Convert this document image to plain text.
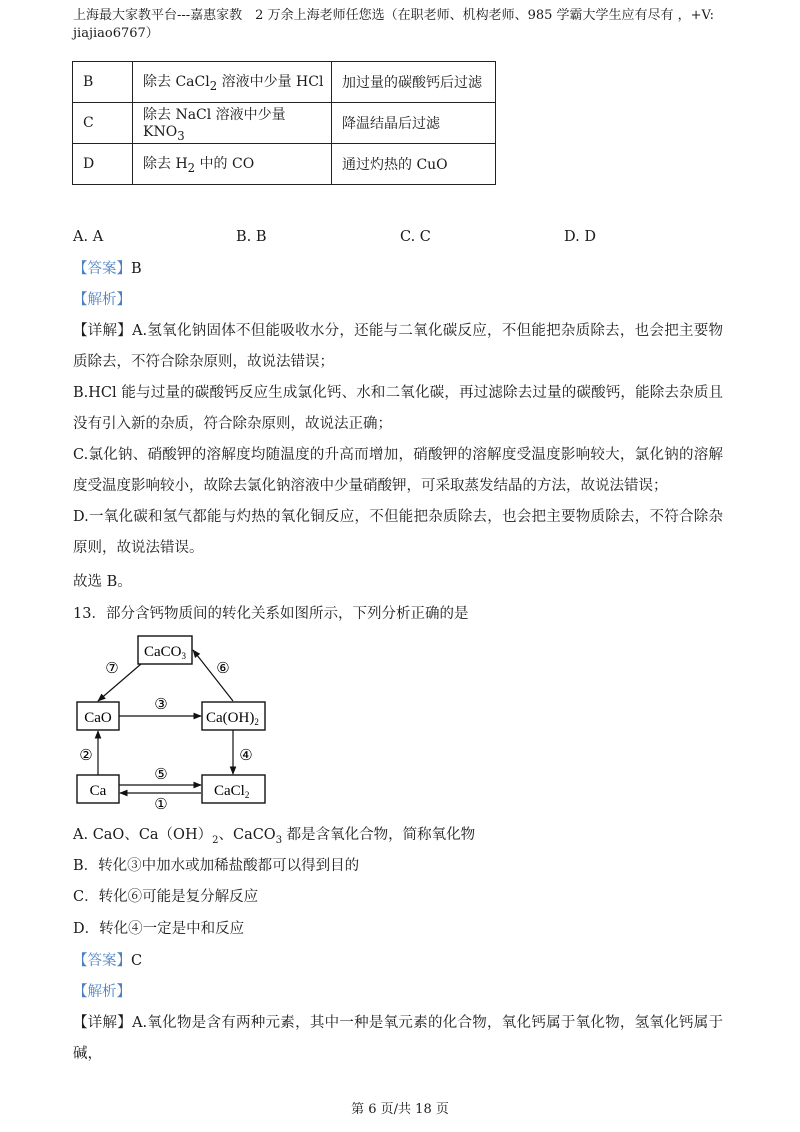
上海最大家教平台---嘉惠家教　2 万余上海老师任您选（在职老师、机构老师、985 学霸大学生应有尽有 ，+V: jiajiao6767）
B	除去 CaCl$_2$ 溶液中少量 HCl	加过量的碳酸钙后过滤
C	除去 NaCl 溶液中少量 $KNO_3$	降温结晶后过滤
D	除去 $H_2$ 中的 CO	通过灼热的 CuO
A. A	B. B	C. C	D. D
【答案】B
【解析】
【详解】A.氢氧化钠固体不但能吸收水分，还能与二氧化碳反应，不但能把杂质除去，也会把主要物质除去，不符合除杂原则，故说法错误；
B.HCl 能与过量的碳酸钙反应生成氯化钙、水和二氧化碳，再过滤除去过量的碳酸钙，能除去杂质且没有引入新的杂质，符合除杂原则，故说法正确；
C.氯化钠、硝酸钾的溶解度均随温度的升高而增加，硝酸钾的溶解度受温度影响较大，氯化钠的溶解度受温度影响较小，故除去氯化钠溶液中少量硝酸钾，可采取蒸发结晶的方法，故说法错误；
D.一氧化碳和氢气都能与灼热的氧化铜反应，不但能把杂质除去，也会把主要物质除去，不符合除杂原则，故说法错误。
故选 B。
13．部分含钙物质间的转化关系如图所示，下列分析正确的是
CaCO$_3$
CaO	$Ca(OH)_2$
Ca	CaCl$_2$
⑦	⑥
③
②	④
⑤
①
A. CaO、$Ca(OH)_2$、CaCO$_3$ 都是含氧化合物，简称氧化物
B．转化③中加水或加稀盐酸都可以得到目的
C．转化⑥可能是复分解反应
D．转化④一定是中和反应
【答案】C
【解析】
【详解】A.氧化物是含有两种元素，其中一种是氧元素的化合物，氧化钙属于氧化物，氢氧化钙属于碱，
第 6 页/共 18 页
